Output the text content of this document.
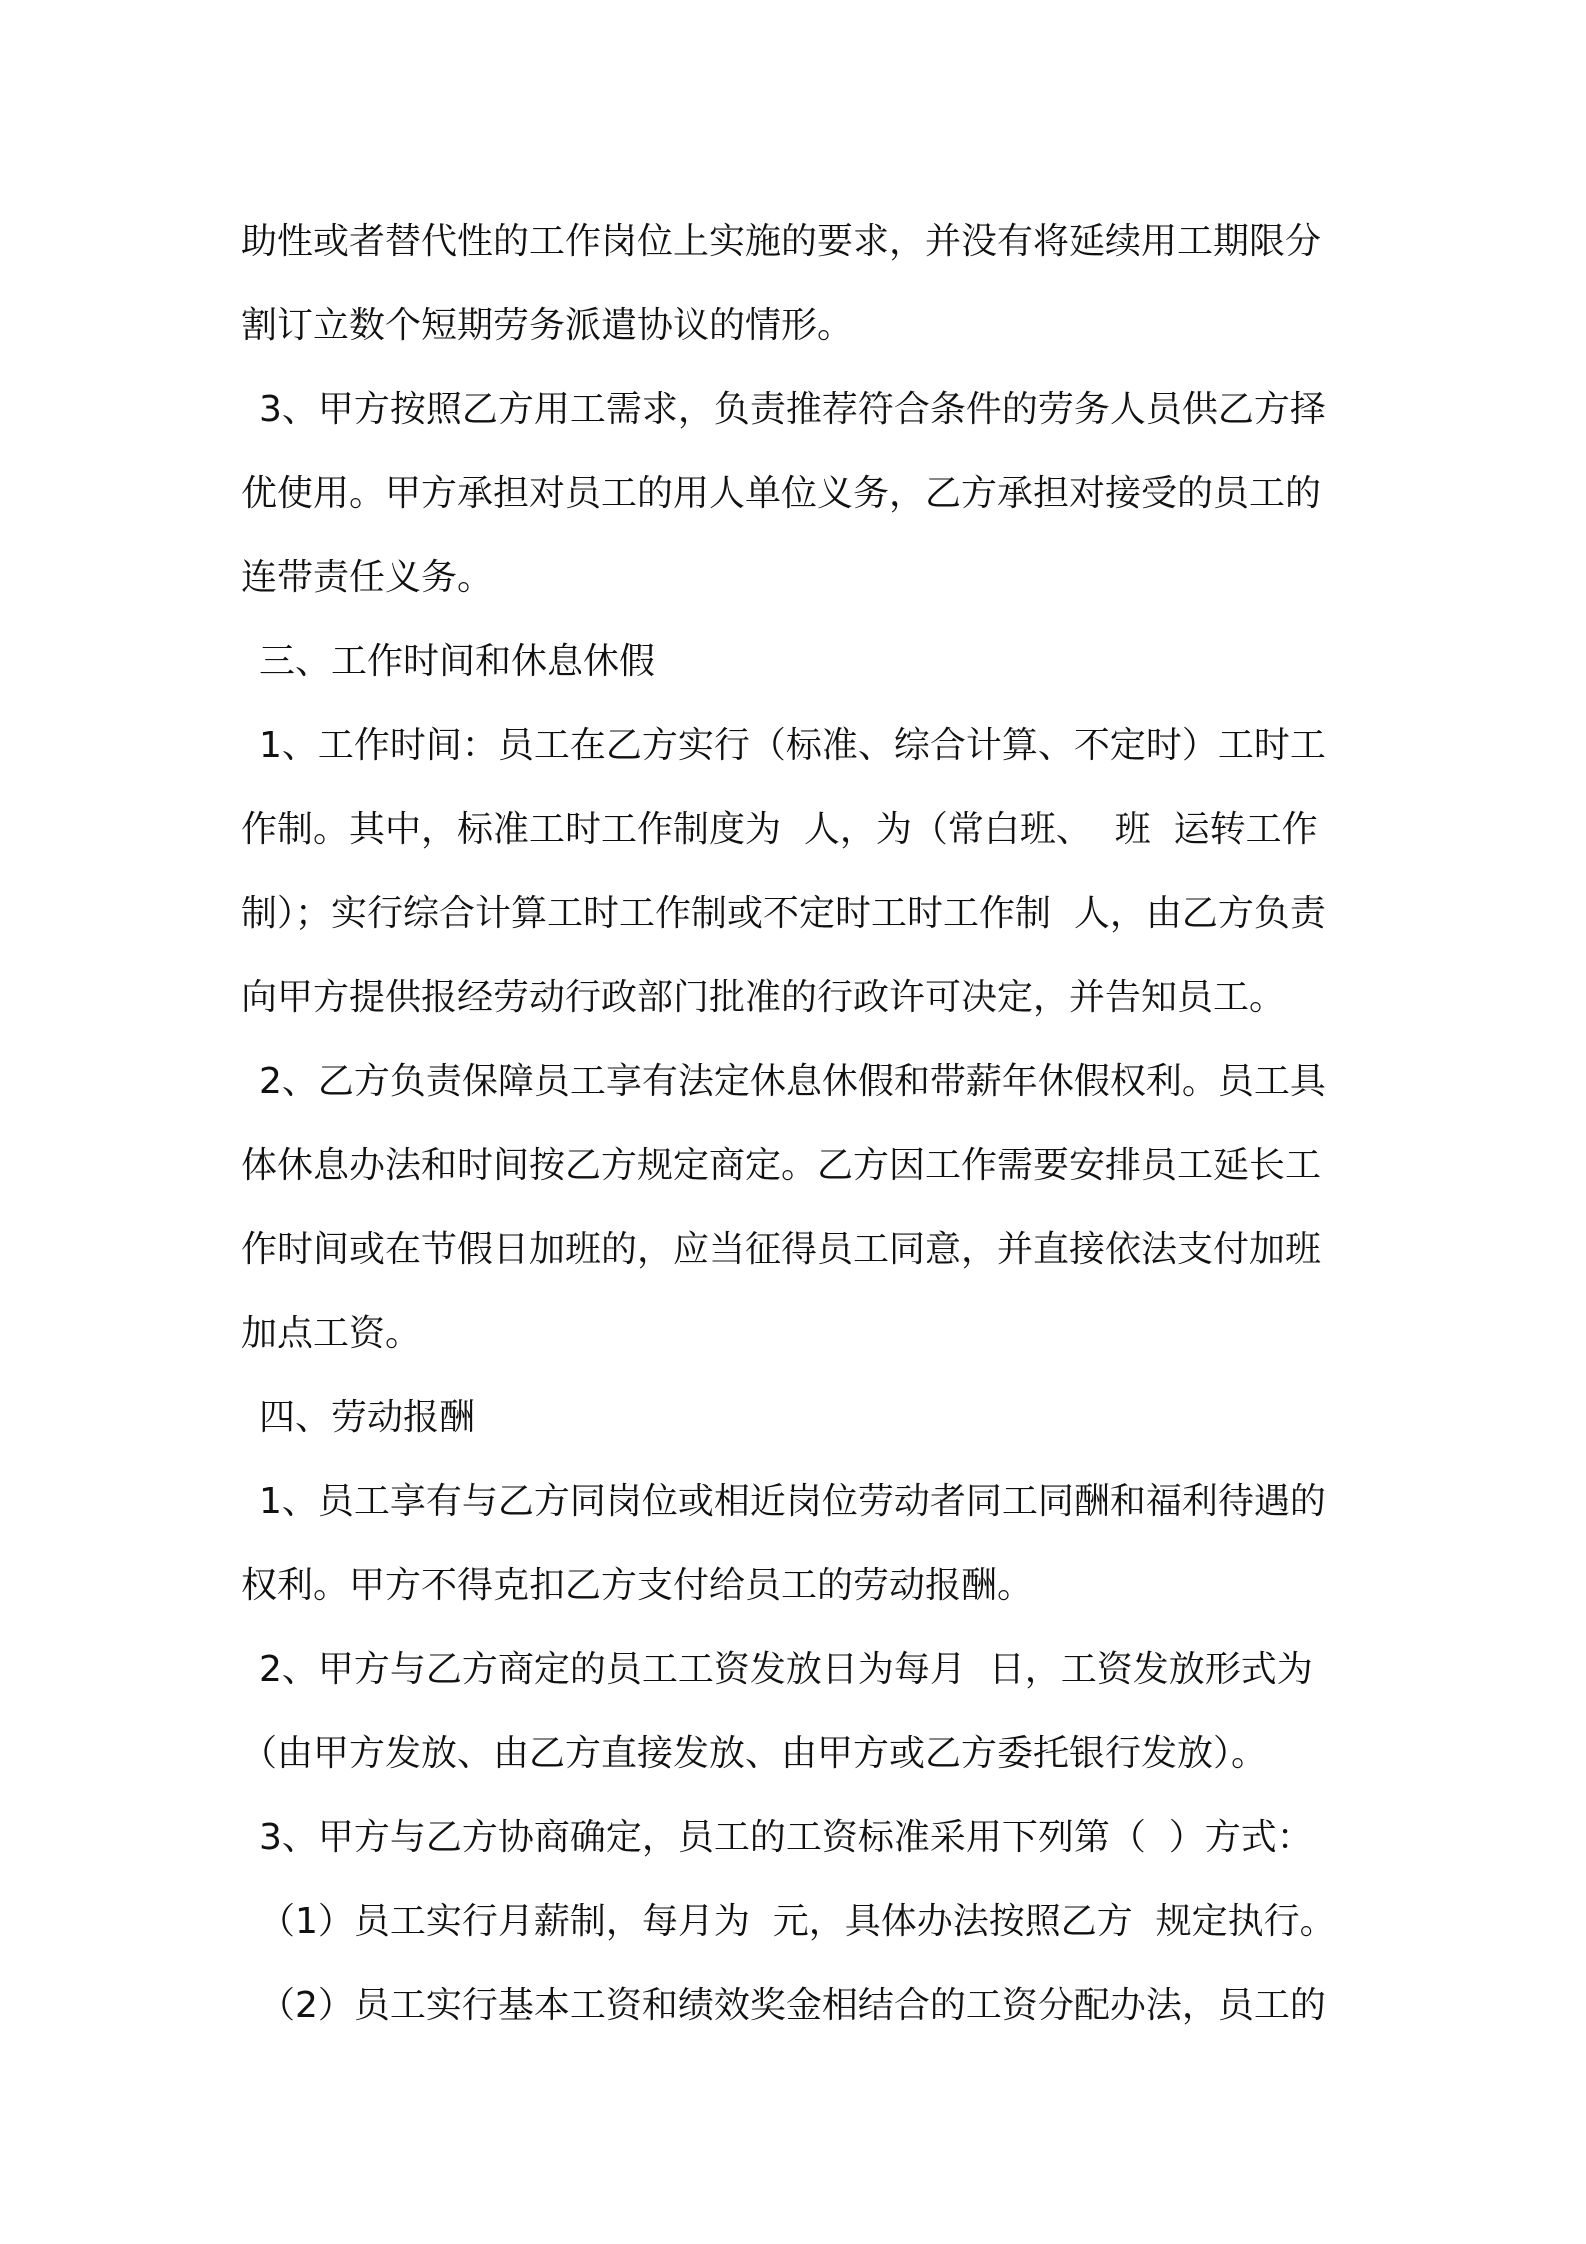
助性或者替代性的工作岗位上实施的要求，并没有将延续用工期限分
割订立数个短期劳务派遣协议的情形。
3、甲方按照乙方用工需求，负责推荐符合条件的劳务人员供乙方择
优使用。甲方承担对员工的用人单位义务，乙方承担对接受的员工的
连带责任义务。
三、工作时间和休息休假
1、工作时间：员工在乙方实行（标准、综合计算、不定时）工时工
作制。其中，标准工时工作制度为  人，为（常白班、  班  运转工作
制）；实行综合计算工时工作制或不定时工时工作制  人，由乙方负责
向甲方提供报经劳动行政部门批准的行政许可决定，并告知员工。
2、乙方负责保障员工享有法定休息休假和带薪年休假权利。员工具
体休息办法和时间按乙方规定商定。乙方因工作需要安排员工延长工
作时间或在节假日加班的，应当征得员工同意，并直接依法支付加班
加点工资。
四、劳动报酬
1、员工享有与乙方同岗位或相近岗位劳动者同工同酬和福利待遇的
权利。甲方不得克扣乙方支付给员工的劳动报酬。
2、甲方与乙方商定的员工工资发放日为每月  日，工资发放形式为
（由甲方发放、由乙方直接发放、由甲方或乙方委托银行发放）。
3、甲方与乙方协商确定，员工的工资标准采用下列第（  ）方式：
（1）员工实行月薪制，每月为  元，具体办法按照乙方  规定执行。
（2）员工实行基本工资和绩效奖金相结合的工资分配办法，员工的
